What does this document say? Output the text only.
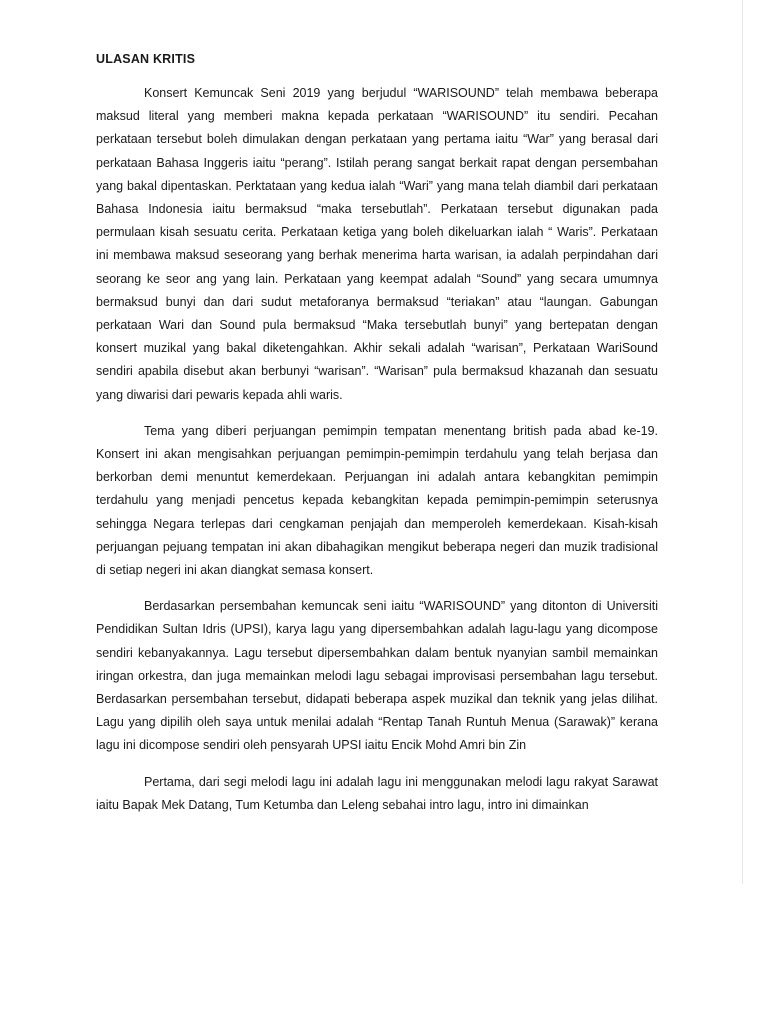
ULASAN KRITIS

Konsert Kemuncak Seni 2019 yang berjudul “WARISOUND” telah membawa beberapa maksud literal yang memberi makna kepada perkataan “WARISOUND” itu sendiri. Pecahan perkataan tersebut boleh dimulakan dengan perkataan yang pertama iaitu “War” yang berasal dari perkataan Bahasa Inggeris iaitu “perang”. Istilah perang sangat berkait rapat dengan persembahan yang bakal dipentaskan. Perktataan yang kedua ialah “Wari” yang mana telah diambil dari perkataan Bahasa Indonesia iaitu bermaksud “maka tersebutlah”. Perkataan tersebut digunakan pada permulaan kisah sesuatu cerita. Perkataan ketiga yang boleh dikeluarkan ialah “ Waris”. Perkataan ini membawa maksud seseorang yang berhak menerima harta warisan, ia adalah perpindahan dari seorang ke seor ang yang lain. Perkataan yang keempat adalah “Sound” yang secara umumnya bermaksud bunyi dan dari sudut metaforanya bermaksud “teriakan” atau “laungan. Gabungan perkataan Wari dan Sound pula bermaksud “Maka tersebutlah bunyi” yang bertepatan dengan konsert muzikal yang bakal diketengahkan. Akhir sekali adalah “warisan”, Perkataan WariSound sendiri apabila disebut akan berbunyi “warisan”. “Warisan” pula bermaksud khazanah dan sesuatu yang diwarisi dari pewaris kepada ahli waris.

Tema yang diberi perjuangan pemimpin tempatan menentang british pada abad ke-19. Konsert ini akan mengisahkan perjuangan pemimpin-pemimpin terdahulu yang telah berjasa dan berkorban demi menuntut kemerdekaan. Perjuangan ini adalah antara kebangkitan pemimpin terdahulu yang menjadi pencetus kepada kebangkitan kepada pemimpin-pemimpin seterusnya sehingga Negara terlepas dari cengkaman penjajah dan memperoleh kemerdekaan. Kisah-kisah perjuangan pejuang tempatan ini akan dibahagikan mengikut beberapa negeri dan muzik tradisional di setiap negeri ini akan diangkat semasa konsert.

Berdasarkan persembahan kemuncak seni iaitu “WARISOUND” yang ditonton di Universiti Pendidikan Sultan Idris (UPSI), karya lagu yang dipersembahkan adalah lagu-lagu yang dicompose sendiri kebanyakannya. Lagu tersebut dipersembahkan dalam bentuk nyanyian sambil memainkan iringan orkestra, dan juga memainkan melodi lagu sebagai improvisasi persembahan lagu tersebut. Berdasarkan persembahan tersebut, didapati beberapa aspek muzikal dan teknik yang jelas dilihat. Lagu yang dipilih oleh saya untuk menilai adalah “Rentap Tanah Runtuh Menua (Sarawak)” kerana lagu ini dicompose sendiri oleh pensyarah UPSI iaitu Encik Mohd Amri bin Zin

Pertama, dari segi melodi lagu ini adalah lagu ini menggunakan melodi lagu rakyat Sarawat iaitu Bapak Mek Datang, Tum Ketumba dan Leleng sebahai intro lagu, intro ini dimainkan
